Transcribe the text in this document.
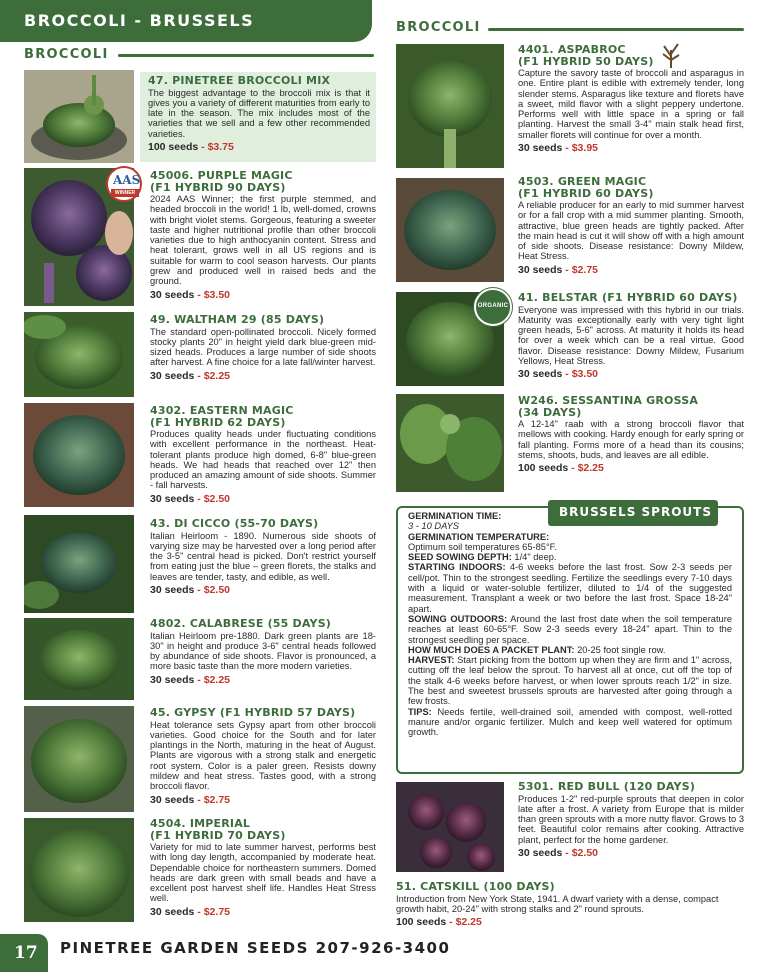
BROCCOLI - BRUSSELS
BROCCOLI
BROCCOLI
47. PINETREE BROCCOLI MIX
The biggest advantage to the broccoli mix is that it gives you a variety of different maturities from early to late in the season. The mix includes most of the varieties that we sell and a few other recommended varieties.
100 seeds - $3.75
AAS
WINNER
45006. PURPLE MAGIC
(F1 HYBRID 90 DAYS)
2024 AAS Winner; the first purple stemmed, and headed broccoli in the world! 1 lb, well-domed, crowns with bright violet stems. Gorgeous, featuring a sweeter taste and higher nutritional profile than other broccoli varieties due to high anthocyanin content. Stress and heat tolerant, grows well in all US regions and is suitable for warm to cool season harvests. Our plants grew and produced well in raised beds and the ground.
30 seeds - $3.50
49. WALTHAM 29 (85 DAYS)
The standard open-pollinated broccoli. Nicely formed stocky plants 20" in height yield dark blue-green mid-sized heads. Produces a large number of side shoots after harvest. A fine choice for a late fall/winter harvest.
30 seeds - $2.25
4302. EASTERN MAGIC
(F1 HYBRID 62 DAYS)
Produces quality heads under fluctuating conditions with excellent performance in the northeast. Heat-tolerant plants produce high domed, 6-8" blue-green heads. We had heads that reached over 12" then produced an amazing amount of side shoots. Summer - fall harvests.
30 seeds - $2.50
43. DI CICCO (55-70 DAYS)
Italian Heirloom - 1890. Numerous side shoots of varying size may be harvested over a long period after the 3-5" central head is picked. Don't restrict yourself from eating just the blue – green florets, the stalks and leaves are tender, tasty, and edible, as well.
30 seeds - $2.50
4802. CALABRESE (55 DAYS)
Italian Heirloom pre-1880. Dark green plants are 18-30" in height and produce 3-6" central heads followed by abundance of side shoots. Flavor is pronounced, a more basic taste than the more modern varieties.
30 seeds - $2.25
45. GYPSY (F1 HYBRID 57 DAYS)
Heat tolerance sets Gypsy apart from other broccoli varieties. Good choice for the South and for later plantings in the North, maturing in the heat of August. Plants are vigorous with a strong stalk and energetic root system. Color is a paler green. Resists downy mildew and heat stress. Tastes good, with a strong broccoli flavor.
30 seeds - $2.75
4504. IMPERIAL
(F1 HYBRID 70 DAYS)
Variety for mid to late summer harvest, performs best with long day length, accompanied by moderate heat. Dependable choice for northeastern summers. Domed heads are dark green with small beads and have a excellent post harvest shelf life. Handles Heat Stress well.
30 seeds - $2.75
4401. ASPABROC
(F1 HYBRID 50 DAYS)
Capture the savory taste of broccoli and asparagus in one. Entire plant is edible with extremely tender, long slender stems. Asparagus like texture and florets have a sweet, mild flavor with a slight peppery undertone. Performs well with little space in a spring or fall planting. Harvest the small 3-4" main stalk head first, smaller florets will continue for over a month.
30 seeds - $3.95
4503. GREEN MAGIC
(F1 HYBRID 60 DAYS)
A reliable producer for an early to mid summer harvest or for a fall crop with a mid summer planting. Smooth, attractive, blue green heads are tightly packed. After the main head is cut it will show off with a high amount of side shoots. Disease resistance: Downy Mildew, Heat Stress.
30 seeds - $2.75
ORGANIC
41. BELSTAR (F1 HYBRID 60 DAYS)
Everyone was impressed with this hybrid in our trials. Maturity was exceptionally early with very tight light green heads, 5-6" across. At maturity it holds its head for over a week which can be a real virtue. Good flavor. Disease resistance: Downy Mildew, Fusarium Yellows, Heat Stress.
30 seeds - $3.50
W246. SESSANTINA GROSSA
(34 DAYS)
A 12-14" raab with a strong broccoli flavor that mellows with cooking. Hardy enough for early spring or fall planting. Forms more of a head than its cousins; stems, shoots, buds, and leaves are all edible.
100 seeds - $2.25
BRUSSELS SPROUTS
GERMINATION TIME:
3 - 10 DAYS
GERMINATION TEMPERATURE:
Optimum soil temperatures 65-85°F.
SEED SOWING DEPTH: 1/4" deep.
STARTING INDOORS: 4-6 weeks before the last frost. Sow 2-3 seeds per cell/pot. Thin to the strongest seedling. Fertilize the seedlings every 7-10 days with a liquid or water-soluble fertilizer, diluted to 1/4 of the suggested measurement. Transplant a week or two before the last frost. Space 18-24" apart.
SOWING OUTDOORS: Around the last frost date when the soil temperature reaches at least 60-65°F. Sow 2-3 seeds every 18-24" apart. Thin to the strongest seedling per space.
HOW MUCH DOES A PACKET PLANT: 20-25 foot single row.
HARVEST: Start picking from the bottom up when they are firm and 1" across, cutting off the leaf below the sprout. To harvest all at once, cut off the top of the stalk 4-6 weeks before harvest, or when lower sprouts reach 1/2" in size. The best and sweetest brussels sprouts are harvested after going through a few frosts.
TIPS: Needs fertile, well-drained soil, amended with compost, well-rotted manure and/or organic fertilizer. Mulch and keep well watered for optimum growth.
5301. RED BULL (120 DAYS)
Produces 1-2" red-purple sprouts that deepen in color late after a frost. A variety from Europe that is milder than green sprouts with a more nutty flavor. Grows to 3 feet. Beautiful color remains after cooking. Attractive plant, perfect for the home gardener.
30 seeds - $2.50
51. CATSKILL (100 DAYS)
Introduction from New York State, 1941. A dwarf variety with a dense, compact growth habit, 20-24" with strong stalks and 2" round sprouts.
100 seeds - $2.25
17 PINETREE GARDEN SEEDS 207-926-3400
